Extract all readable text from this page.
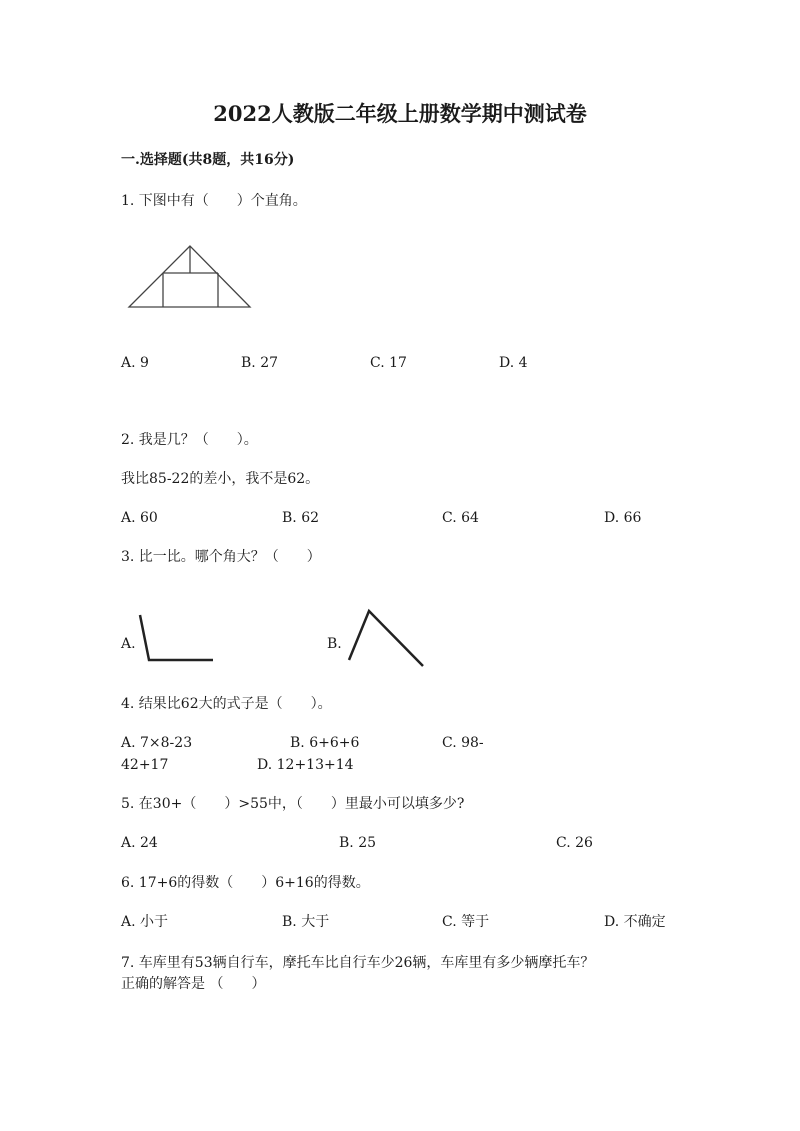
2022人教版二年级上册数学期中测试卷
一.选择题(共8题，共16分)
1. 下图中有（　　）个直角。
A. 9	B. 27	C. 17	D. 4
2. 我是几？（　　）。
我比85-22的差小，我不是62。
A. 60	B. 62	C. 64	D. 66
3. 比一比。哪个角大？（　　）
A.	B.
4. 结果比62大的式子是（　　）。
A. 7×8-23	B. 6+6+6	C. 98-
42+17	D. 12+13+14
5. 在30+（　　）>55中，（　　）里最小可以填多少?
A. 24	B. 25	C. 26
6. 17+6的得数（　　）6+16的得数。
A. 小于	B. 大于	C. 等于	D. 不确定
7. 车库里有53辆自行车，摩托车比自行车少26辆，车库里有多少辆摩托车？
正确的解答是 （　　）
